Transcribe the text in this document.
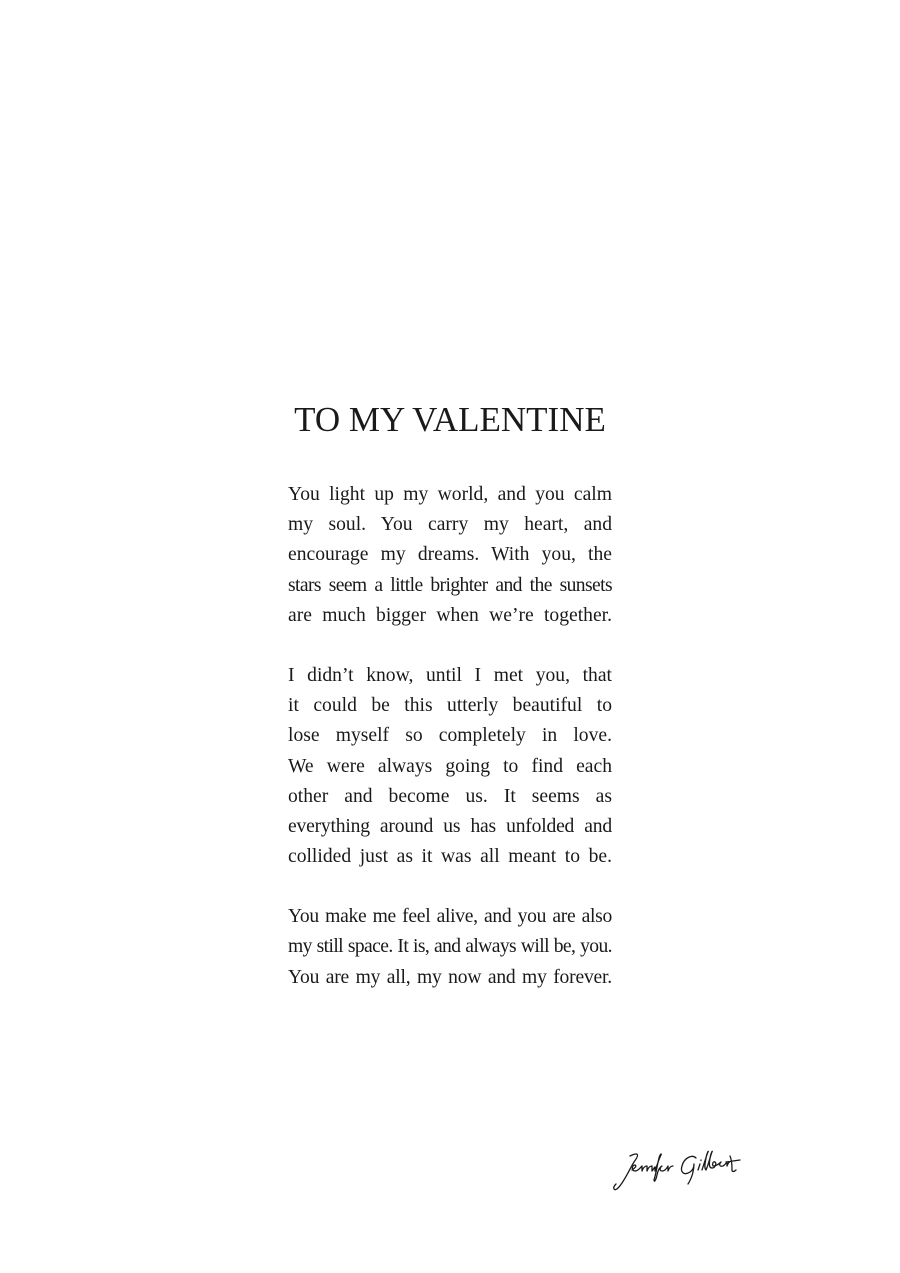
TO MY VALENTINE
You light up my world, and you calm
my soul. You carry my heart, and
encourage my dreams. With you, the
stars seem a little brighter and the sunsets
are much bigger when we’re together.
I didn’t know, until I met you, that
it could be this utterly beautiful to
lose myself so completely in love.
We were always going to find each
other and become us. It seems as
everything around us has unfolded and
collided just as it was all meant to be.
You make me feel alive, and you are also
my still space. It is, and always will be, you.
You are my all, my now and my forever.
